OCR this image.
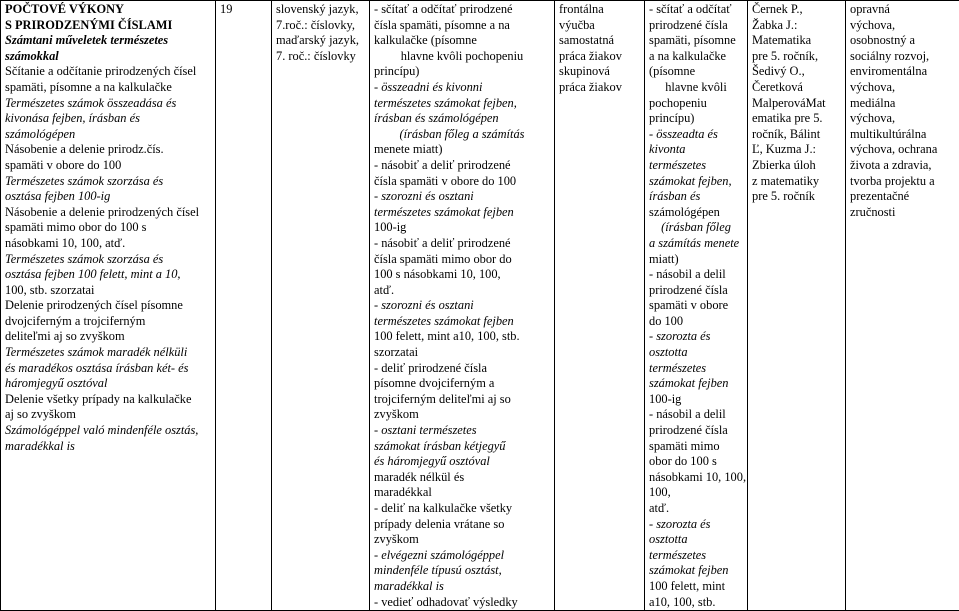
POČTOVÉ VÝKONY
S PRIRODZENÝMI ČÍSLAMI
Számtani műveletek természetes
számokkal
Sčítanie a odčítanie prirodzených čísel
spamäti, písomne a na kalkulačke
Természetes számok összeadása és
kivonása fejben, írásban és
számológépen
Násobenie a delenie prirodz.čís.
spamäti v obore do 100
Természetes számok szorzása és
osztása fejben 100-ig
Násobenie a delenie prirodzených čísel
spamäti mimo obor do 100 s
násobkami 10, 100, atď.
Természetes számok szorzása és
osztása fejben 100 felett, mint a 10,
100, stb. szorzatai
Delenie prirodzených čísel písomne
dvojciferným a trojciferným
deliteľmi aj so zvyškom
Természetes számok maradék nélküli
és maradékos osztása írásban két- és
háromjegyű osztóval
Delenie všetky prípady na kalkulačke
aj so zvyškom
Számológéppel való mindenféle osztás,
maradékkal is

19	slovenský jazyk,
7.roč.: číslovky,
maďarský jazyk,
7. roč.: číslovky

- sčítať a odčítať prirodzené
čísla spamäti, písomne a na
kalkulačke (písomne
hlavne kvôli pochopeniu
princípu)
- összeadni és kivonni
természetes számokat fejben,
írásban és számológépen
(írásban főleg a számítás
menete miatt)
- násobiť a deliť prirodzené
čísla spamäti v obore do 100
- szorozni és osztani
természetes számokat fejben
100-ig
- násobiť a deliť prirodzené
čísla spamäti mimo obor do
100 s násobkami 10, 100,
atď.
- szorozni és osztani
természetes számokat fejben
100 felett, mint a10, 100, stb.
szorzatai
- deliť prirodzené čísla
písomne dvojciferným a
trojciferným deliteľmi aj so
zvyškom
- osztani természetes
számokat írásban kétjegyű
és háromjegyű osztóval
maradék nélkül és
maradékkal
- deliť na kalkulačke všetky
prípady delenia vrátane so
zvyškom
- elvégezni számológéppel
mindenféle típusú osztást,
maradékkal is
- vedieť odhadovať výsledky

frontálna
výučba
samostatná
práca žiakov
skupinová
práca žiakov

- sčítať a odčítať
prirodzené čísla
spamäti, písomne
a na kalkulačke
(písomne
hlavne kvôli
pochopeniu
princípu)
- összeadta és
kivonta
természetes
számokat fejben,
írásban és
számológépen
(írásban főleg
a számítás menete
miatt)
- násobil a delil
prirodzené čísla
spamäti v obore
do 100
- szorozta és
osztotta
természetes
számokat fejben
100-ig
- násobil a delil
prirodzené čísla
spamäti mimo
obor do 100 s
násobkami 10, 100,
100,
atď.
- szorozta és
osztotta
természetes
számokat fejben
100 felett, mint
a10, 100, stb.

Černek P.,
Žabka J.:
Matematika
pre 5. ročník,
Šedivý O.,
Čeretková
MalperováMat
ematika pre 5.
ročník, Bálint
Ľ, Kuzma J.:
Zbierka úloh
z matematiky
pre 5. ročník

opravná
výchova,
osobnostný a
sociálny rozvoj,
enviromentálna
výchova,
mediálna
výchova,
multikultúrálna
výchova, ochrana
života a zdravia,
tvorba projektu a
prezentačné
zručnosti
